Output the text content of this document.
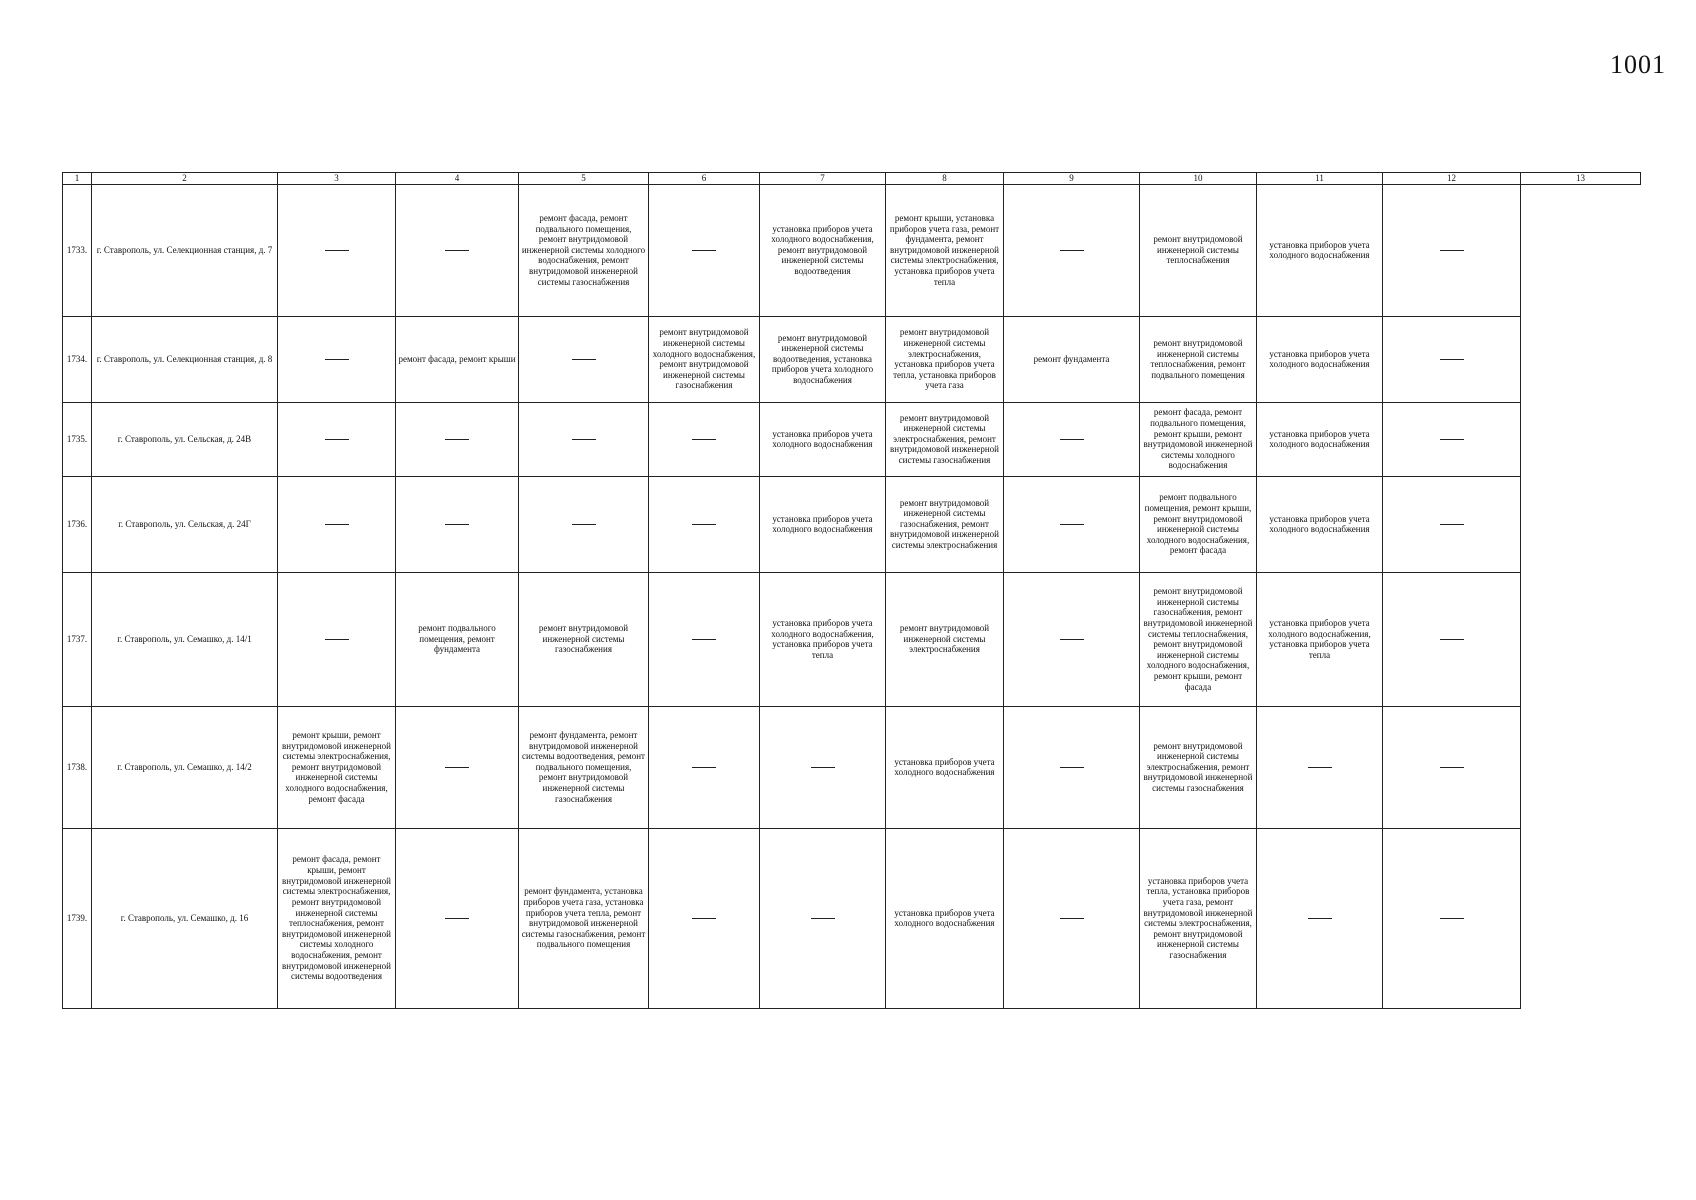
1001
1	2	3	4	5	6	7	8	9	10	11	12	13
1733.	г. Ставрополь, ул. Селекционная станция, д. 7			ремонт фасада, ремонт подвального помещения, ремонт внутридомовой инженерной системы холодного водоснабжения, ремонт внутридомовой инженерной системы газоснабжения		установка приборов учета холодного водоснабжения, ремонт внутридомовой инженерной системы водоотведения	ремонт крыши, установка приборов учета газа, ремонт фундамента, ремонт внутридомовой инженерной системы электроснабжения, установка приборов учета тепла		ремонт внутридомовой инженерной системы теплоснабжения	установка приборов учета холодного водоснабжения		
1734.	г. Ставрополь, ул. Селекционная станция, д. 8		ремонт фасада, ремонт крыши		ремонт внутридомовой инженерной системы холодного водоснабжения, ремонт внутридомовой инженерной системы газоснабжения	ремонт внутридомовой инженерной системы водоотведения, установка приборов учета холодного водоснабжения	ремонт внутридомовой инженерной системы электроснабжения, установка приборов учета тепла, установка приборов учета газа	ремонт фундамента	ремонт внутридомовой инженерной системы теплоснабжения, ремонт подвального помещения	установка приборов учета холодного водоснабжения		
1735.	г. Ставрополь, ул. Сельская, д. 24В					установка приборов учета холодного водоснабжения	ремонт внутридомовой инженерной системы электроснабжения, ремонт внутридомовой инженерной системы газоснабжения		ремонт фасада, ремонт подвального помещения, ремонт крыши, ремонт внутридомовой инженерной системы холодного водоснабжения	установка приборов учета холодного водоснабжения		
1736.	г. Ставрополь, ул. Сельская, д. 24Г					установка приборов учета холодного водоснабжения	ремонт внутридомовой инженерной системы газоснабжения, ремонт внутридомовой инженерной системы электроснабжения		ремонт подвального помещения, ремонт крыши, ремонт внутридомовой инженерной системы холодного водоснабжения, ремонт фасада	установка приборов учета холодного водоснабжения		
1737.	г. Ставрополь, ул. Семашко, д. 14/1		ремонт подвального помещения, ремонт фундамента	ремонт внутридомовой инженерной системы газоснабжения		установка приборов учета холодного водоснабжения, установка приборов учета тепла	ремонт внутридомовой инженерной системы электроснабжения		ремонт внутридомовой инженерной системы газоснабжения, ремонт внутридомовой инженерной системы теплоснабжения, ремонт внутридомовой инженерной системы холодного водоснабжения, ремонт крыши, ремонт фасада	установка приборов учета холодного водоснабжения, установка приборов учета тепла		
1738.	г. Ставрополь, ул. Семашко, д. 14/2	ремонт крыши, ремонт внутридомовой инженерной системы электроснабжения, ремонт внутридомовой инженерной системы холодного водоснабжения, ремонт фасада		ремонт фундамента, ремонт внутридомовой инженерной системы водоотведения, ремонт подвального помещения, ремонт внутридомовой инженерной системы газоснабжения			установка приборов учета холодного водоснабжения		ремонт внутридомовой инженерной системы электроснабжения, ремонт внутридомовой инженерной системы газоснабжения			
1739.	г. Ставрополь, ул. Семашко, д. 16	ремонт фасада, ремонт крыши, ремонт внутридомовой инженерной системы электроснабжения, ремонт внутридомовой инженерной системы теплоснабжения, ремонт внутридомовой инженерной системы холодного водоснабжения, ремонт внутридомовой инженерной системы водоотведения		ремонт фундамента, установка приборов учета газа, установка приборов учета тепла, ремонт внутридомовой инженерной системы газоснабжения, ремонт подвального помещения			установка приборов учета холодного водоснабжения		установка приборов учета тепла, установка приборов учета газа, ремонт внутридомовой инженерной системы электроснабжения, ремонт внутридомовой инженерной системы газоснабжения			
